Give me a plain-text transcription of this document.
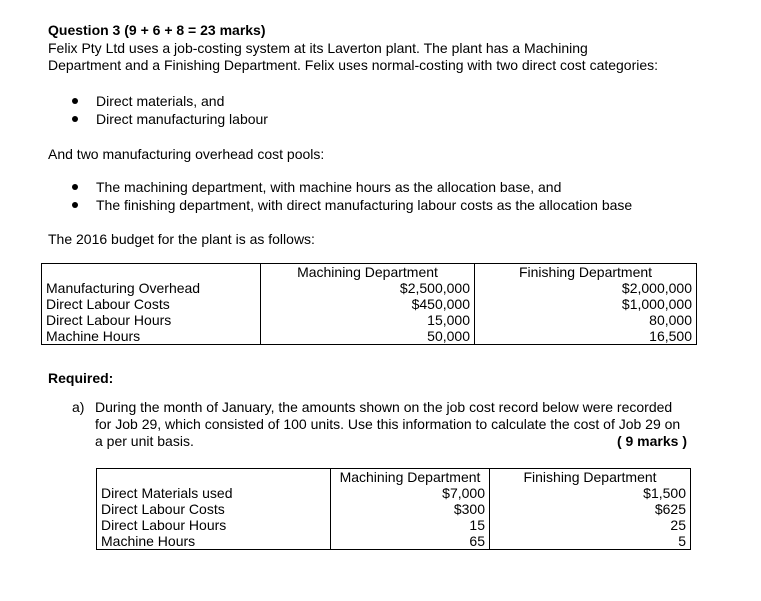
Question 3 (9 + 6 + 8 = 23 marks)
Felix Pty Ltd uses a job-costing system at its Laverton plant. The plant has a Machining
Department and a Finishing Department. Felix uses normal-costing with two direct cost categories:
Direct materials, and
Direct manufacturing labour
And two manufacturing overhead cost pools:
The machining department, with machine hours as the allocation base, and
The finishing department, with direct manufacturing labour costs as the allocation base
The 2016 budget for the plant is as follows:
	Machining Department	Finishing Department
Manufacturing Overhead	$2,500,000	$2,000,000
Direct Labour Costs	$450,000	$1,000,000
Direct Labour Hours	15,000	80,000
Machine Hours	50,000	16,500
Required:
a) During the month of January, the amounts shown on the job cost record below were recorded for Job 29, which consisted of 100 units. Use this information to calculate the cost of Job 29 on a per unit basis.	( 9 marks )
	Machining Department	Finishing Department
Direct Materials used	$7,000	$1,500
Direct Labour Costs	$300	$625
Direct Labour Hours	15	25
Machine Hours	65	5
